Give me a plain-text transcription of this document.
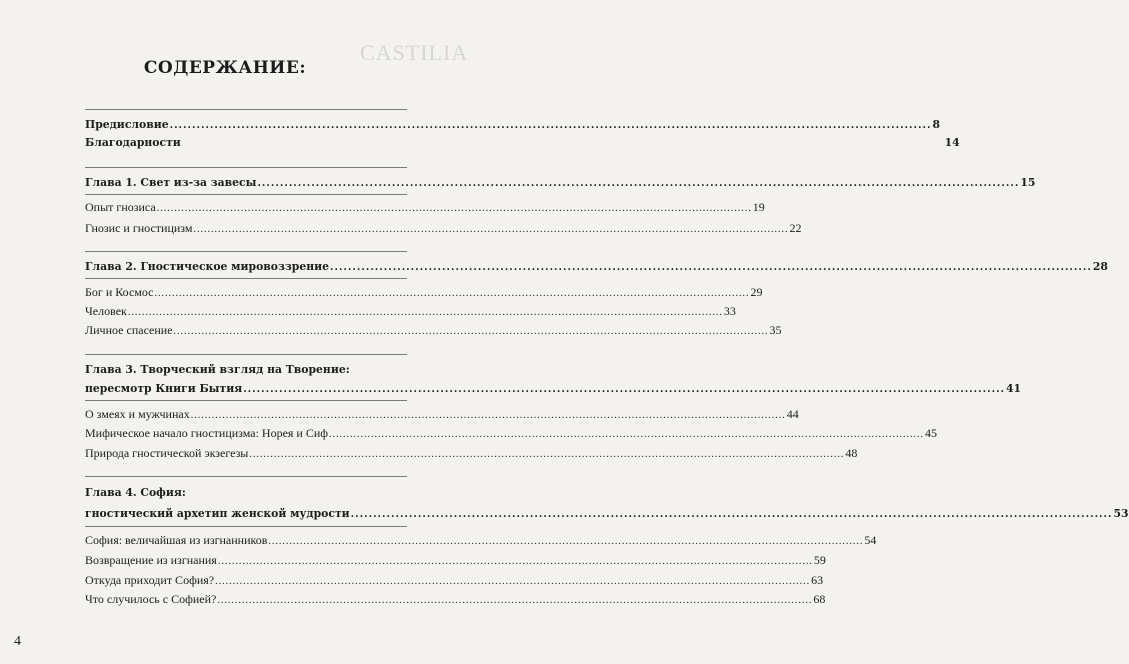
CASTILIA
СОДЕРЖАНИЕ:
Предисловие .....	8
Благодарности	14
Глава 1. Свет из-за завесы .....	15
Опыт гнозиса .....	19
Гнозис и гностицизм .....	22
Глава 2. Гностическое мировоззрение .....	28
Бог и Космос .....	29
Человек .....	33
Личное спасение .....	35
Глава 3. Творческий взгляд на Творение:
пересмотр Книги Бытия .....	41
О змеях и мужчинах .....	44
Мифическое начало гностицизма: Норея и Сиф .....	45
Природа гностической экзегезы .....	48
Глава 4. София:
гностический архетип женской мудрости .....	53
София: величайшая из изгнанников .....	54
Возвращение из изгнания .....	59
Откуда приходит София? .....	63
Что случилось с Софией? .....	68
4
